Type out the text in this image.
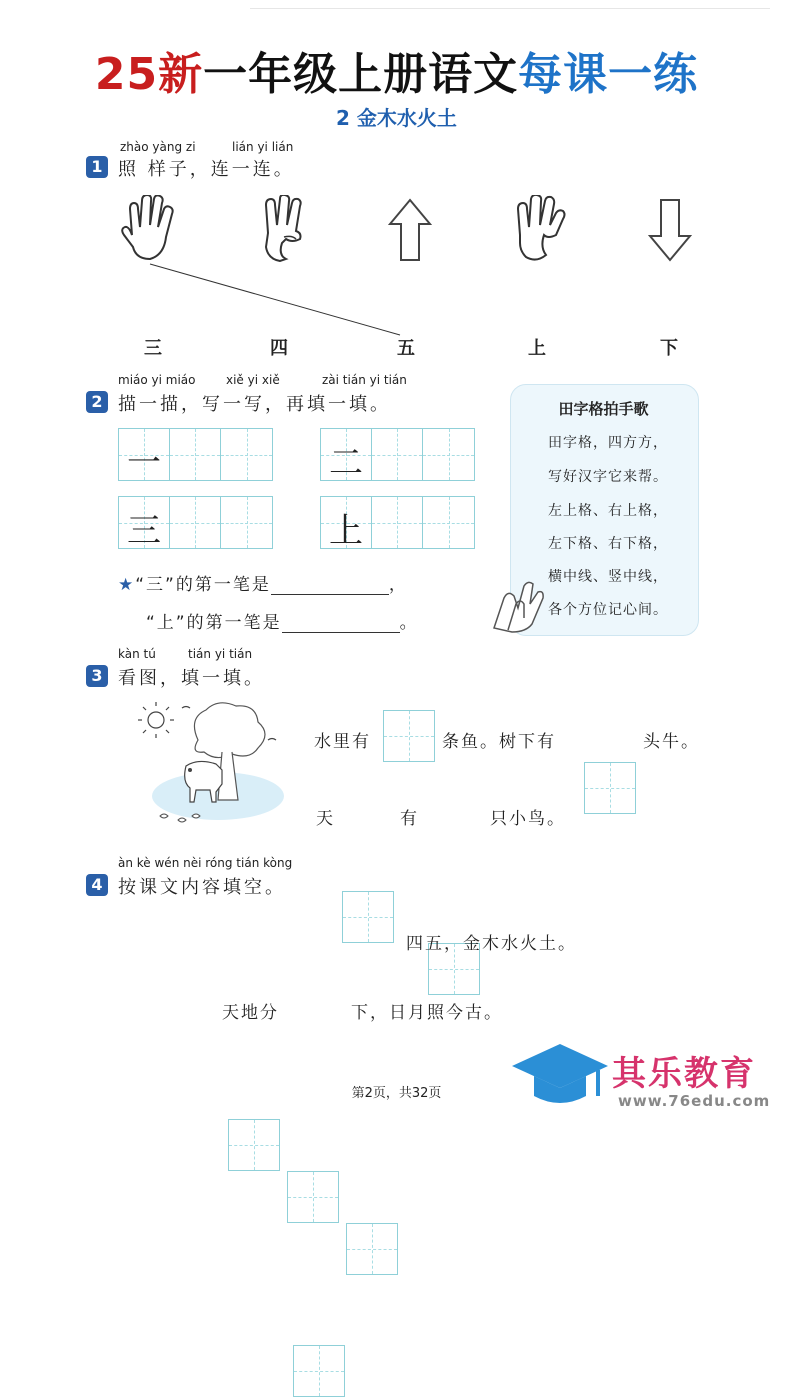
25新一年级上册语文每课一练
2 金木水火土
zhào yàng zi	lián yi lián
1 照 样子，连一连。
三	四	五	上	下
miáo yi miáo	xiě yi xiě	zài tián yi tián
2 描一描，写一写，再填一填。
一	二
三	上
★“三”的第一笔是	，
“上”的第一笔是	。
田字格拍手歌
田字格，四方方，
写好汉字它来帮。
左上格、右上格，
左下格、右下格，
横中线、竖中线，
各个方位记心间。
kàn tú	tián yi tián
3 看图，填一填。
水里有	条鱼。树下有	头牛。
天	有	只小鸟。
àn kè wén nèi róng tián kòng
4 按课文内容填空。
四五，金木水火土。
天地分	下，日月照今古。
第2页，共32页	其乐教育
www.76edu.com
